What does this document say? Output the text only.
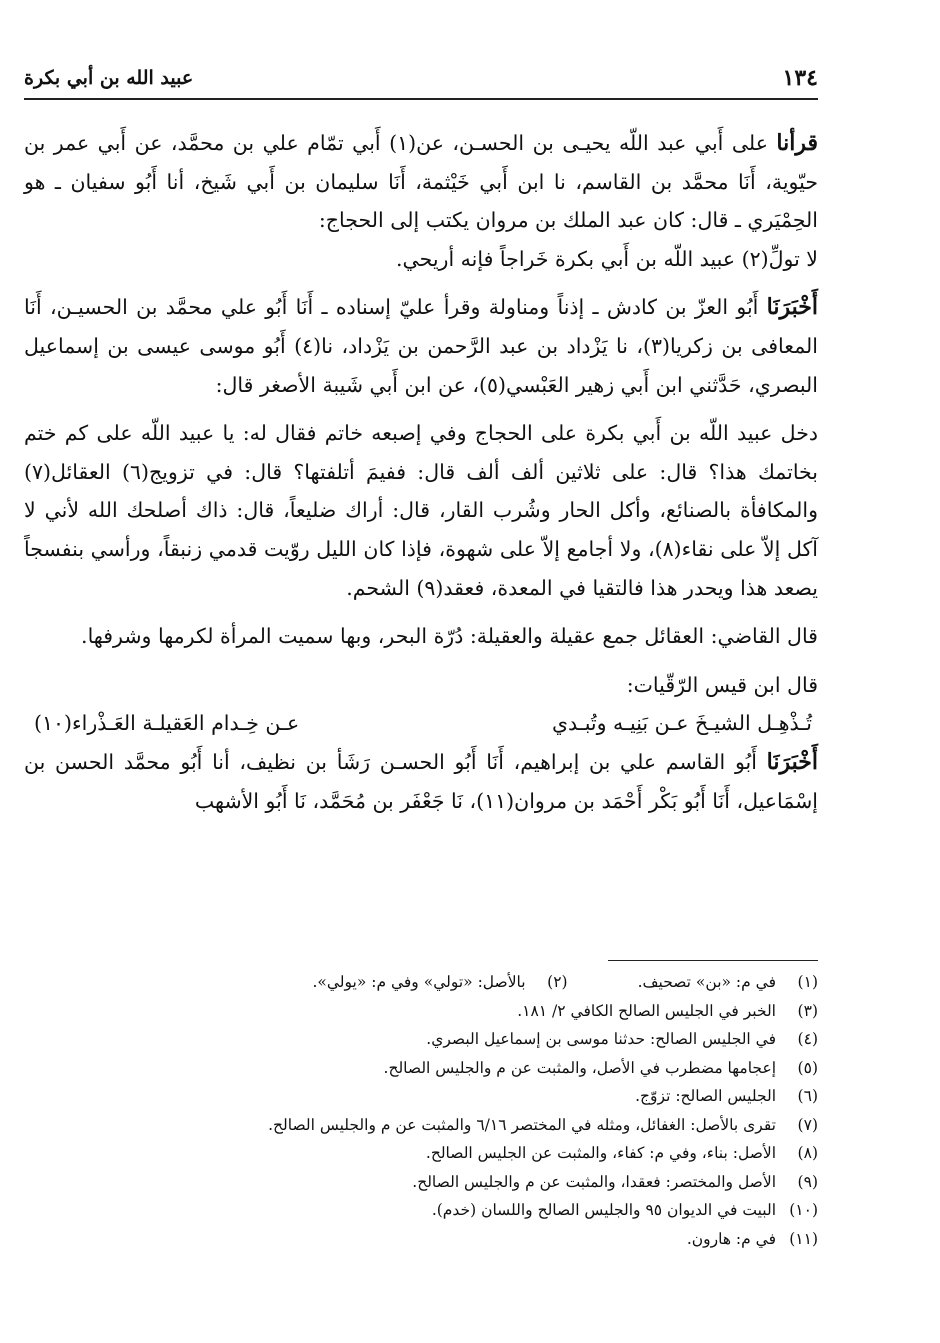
١٣٤
عبيد الله بن أبي بكرة

قرأنا على أَبي عبد اللّه يحيـى بن الحسـن، عن(١) أَبي تمّام علي بن محمَّد، عن أَبي عمر بن حيّوية، أَنَا محمَّد بن القاسم، نا ابن أَبي خَيْثمة، أَنَا سليمان بن أَبي شَيخ، أنا أَبُو سفيان ـ هو الحِمْيَري ـ قال: كان عبد الملك بن مروان يكتب إلى الحجاج:

لا تولِّ(٢) عبيد اللّه بن أَبي بكرة خَراجاً فإنه أريحي.

أَخْبَرَنَا أَبُو العزّ بن كادش ـ إذناً ومناولة وقرأ عليّ إسناده ـ أَنَا أَبُو علي محمَّد بن الحسيـن، أَنَا المعافى بن زكريا(٣)، نا يَزْداد بن عبد الرَّحمن بن يَزْداد، نا(٤) أَبُو موسى عيسى بن إسماعيل البصري، حَدَّثني ابن أَبي زهير العَبْسي(٥)، عن ابن أَبي شَيبة الأصغر قال:

دخل عبيد اللّه بن أَبي بكرة على الحجاج وفي إصبعه خاتم فقال له: يا عبيد اللّه على كم ختم بخاتمك هذا؟ قال: على ثلاثين ألف ألف قال: ففيمَ أتلفتها؟ قال: في تزويج(٦) العقائل(٧) والمكافأة بالصنائع، وأكل الحار وشُرب القار، قال: أراك ضليعاً، قال: ذاك أصلحك الله لأني لا آكل إلاّ على نقاء(٨)، ولا أجامع إلاّ على شهوة، فإذا كان الليل روّيت قدمي زنبقاً، ورأسي بنفسجاً يصعد هذا ويحدر هذا فالتقيا في المعدة، فعقد(٩) الشحم.

قال القاضي: العقائل جمع عقيلة والعقيلة: دُرّة البحر، وبها سميت المرأة لكرمها وشرفها.

قال ابن قيس الرّقّيات:

تُـذْهِـل الشيـخَ عـن بَنِيـه وتُبـدي
عـن خِـدام العَقيلـة العَـذْراء(١٠)

أَخْبَرَنَا أَبُو القاسم علي بن إبراهيم، أَنَا أَبُو الحسـن رَشَأ بن نظيف، أنا أَبُو محمَّد الحسن بن إسْمَاعيل، أَنَا أَبُو بَكْر أَحْمَد بن مروان(١١)، نَا جَعْفَر بن مُحَمَّد، نَا أَبُو الأشهب

(١)
في م: «بن» تصحيف.
(٢)
بالأصل: «تولي» وفي م: «يولي».
(٣)
الخبر في الجليس الصالح الكافي ٢/ ١٨١.
(٤)
في الجليس الصالح: حدثنا موسى بن إسماعيل البصري.
(٥)
إعجامها مضطرب في الأصل، والمثبت عن م والجليس الصالح.
(٦)
الجليس الصالح: تزوّج.
(٧)
تقرى بالأصل: الغفائل، ومثله في المختصر ٦/١٦ والمثبت عن م والجليس الصالح.
(٨)
الأصل: بناء، وفي م: كفاء، والمثبت عن الجليس الصالح.
(٩)
الأصل والمختصر: فعقدا، والمثبت عن م والجليس الصالح.
(١٠)
البيت في الديوان ٩٥ والجليس الصالح واللسان (خدم).
(١١)
في م: هارون.
